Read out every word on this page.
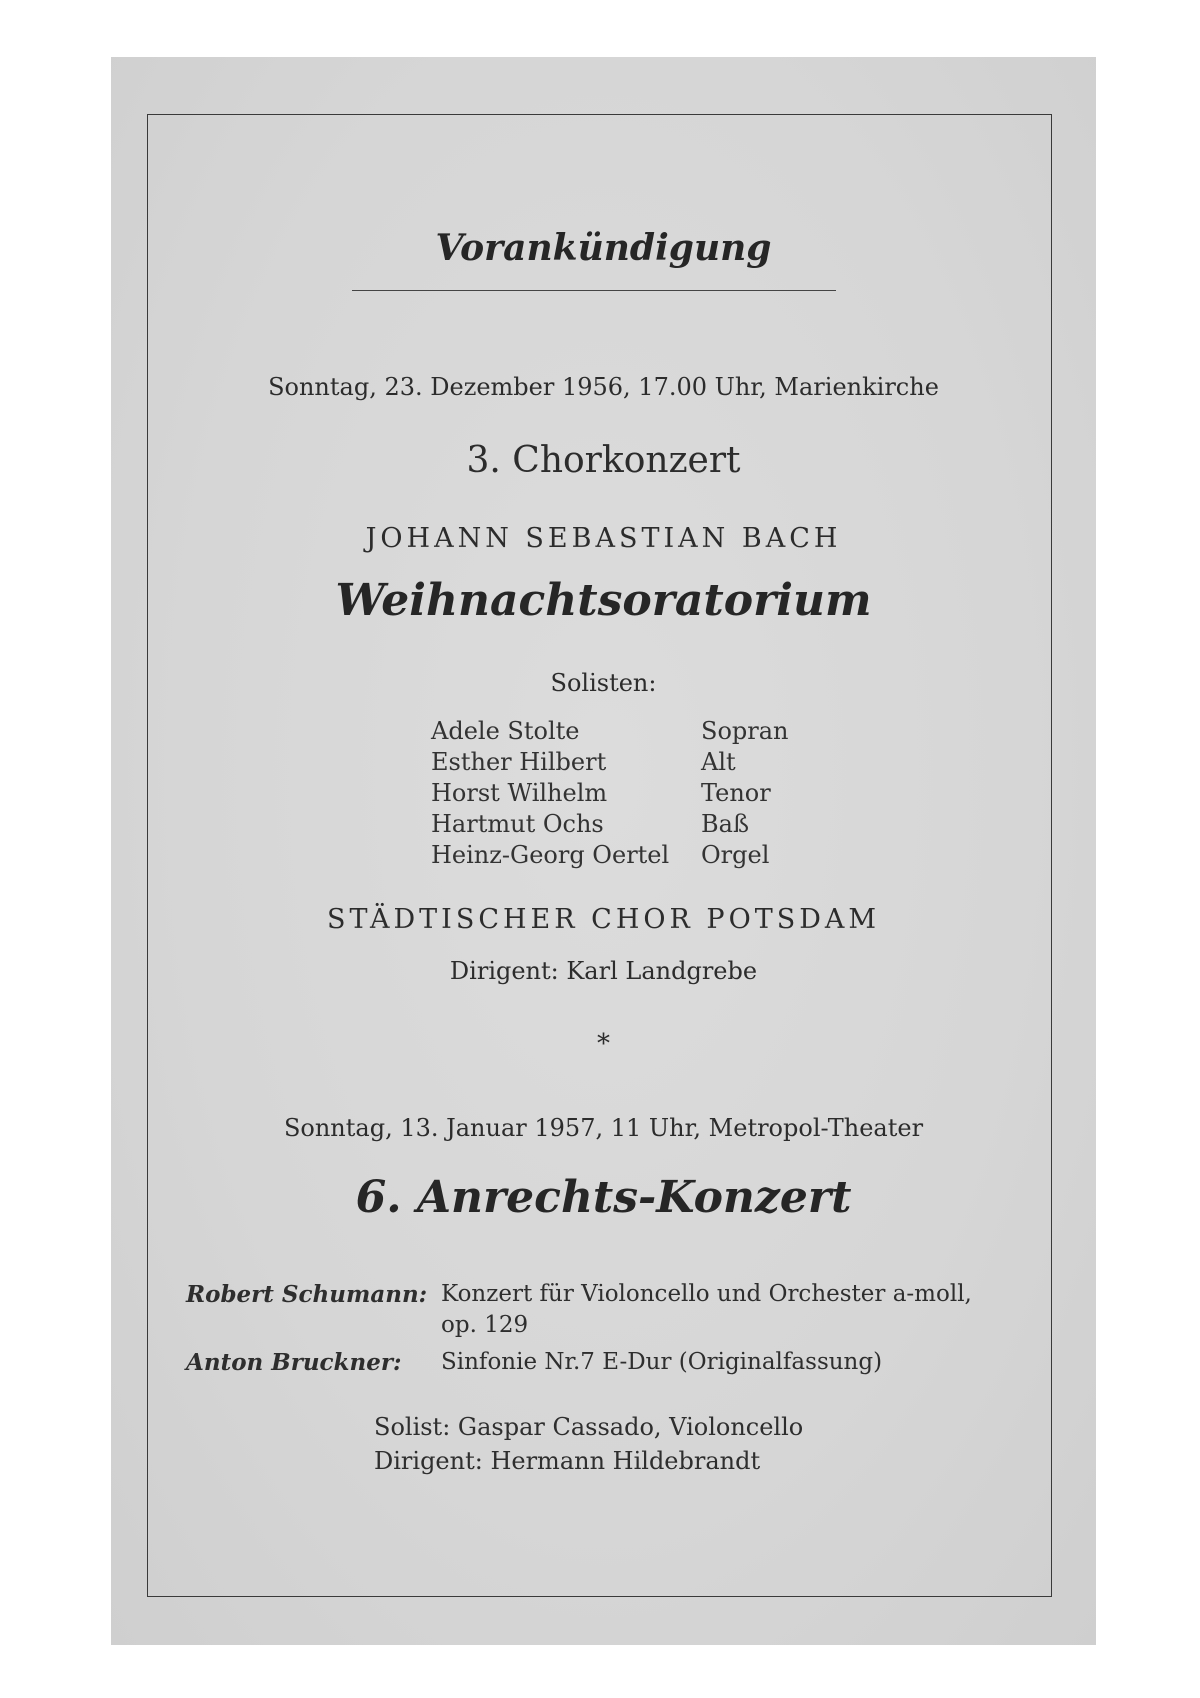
Vorankündigung
Sonntag, 23. Dezember 1956, 17.00 Uhr, Marienkirche
3. Chorkonzert
JOHANN SEBASTIAN BACH
Weihnachtsoratorium
Solisten:
Adele Stolte	Sopran
Esther Hilbert	Alt
Horst Wilhelm	Tenor
Hartmut Ochs	Baß
Heinz-Georg Oertel	Orgel
STÄDTISCHER CHOR POTSDAM
Dirigent: Karl Landgrebe
*
Sonntag, 13. Januar 1957, 11 Uhr, Metropol-Theater
6. Anrechts-Konzert
Robert Schumann: Konzert für Violoncello und Orchester a-moll,
op. 129
Anton Bruckner:	Sinfonie Nr.7 E-Dur (Originalfassung)
Solist: Gaspar Cassado, Violoncello
Dirigent: Hermann Hildebrandt
